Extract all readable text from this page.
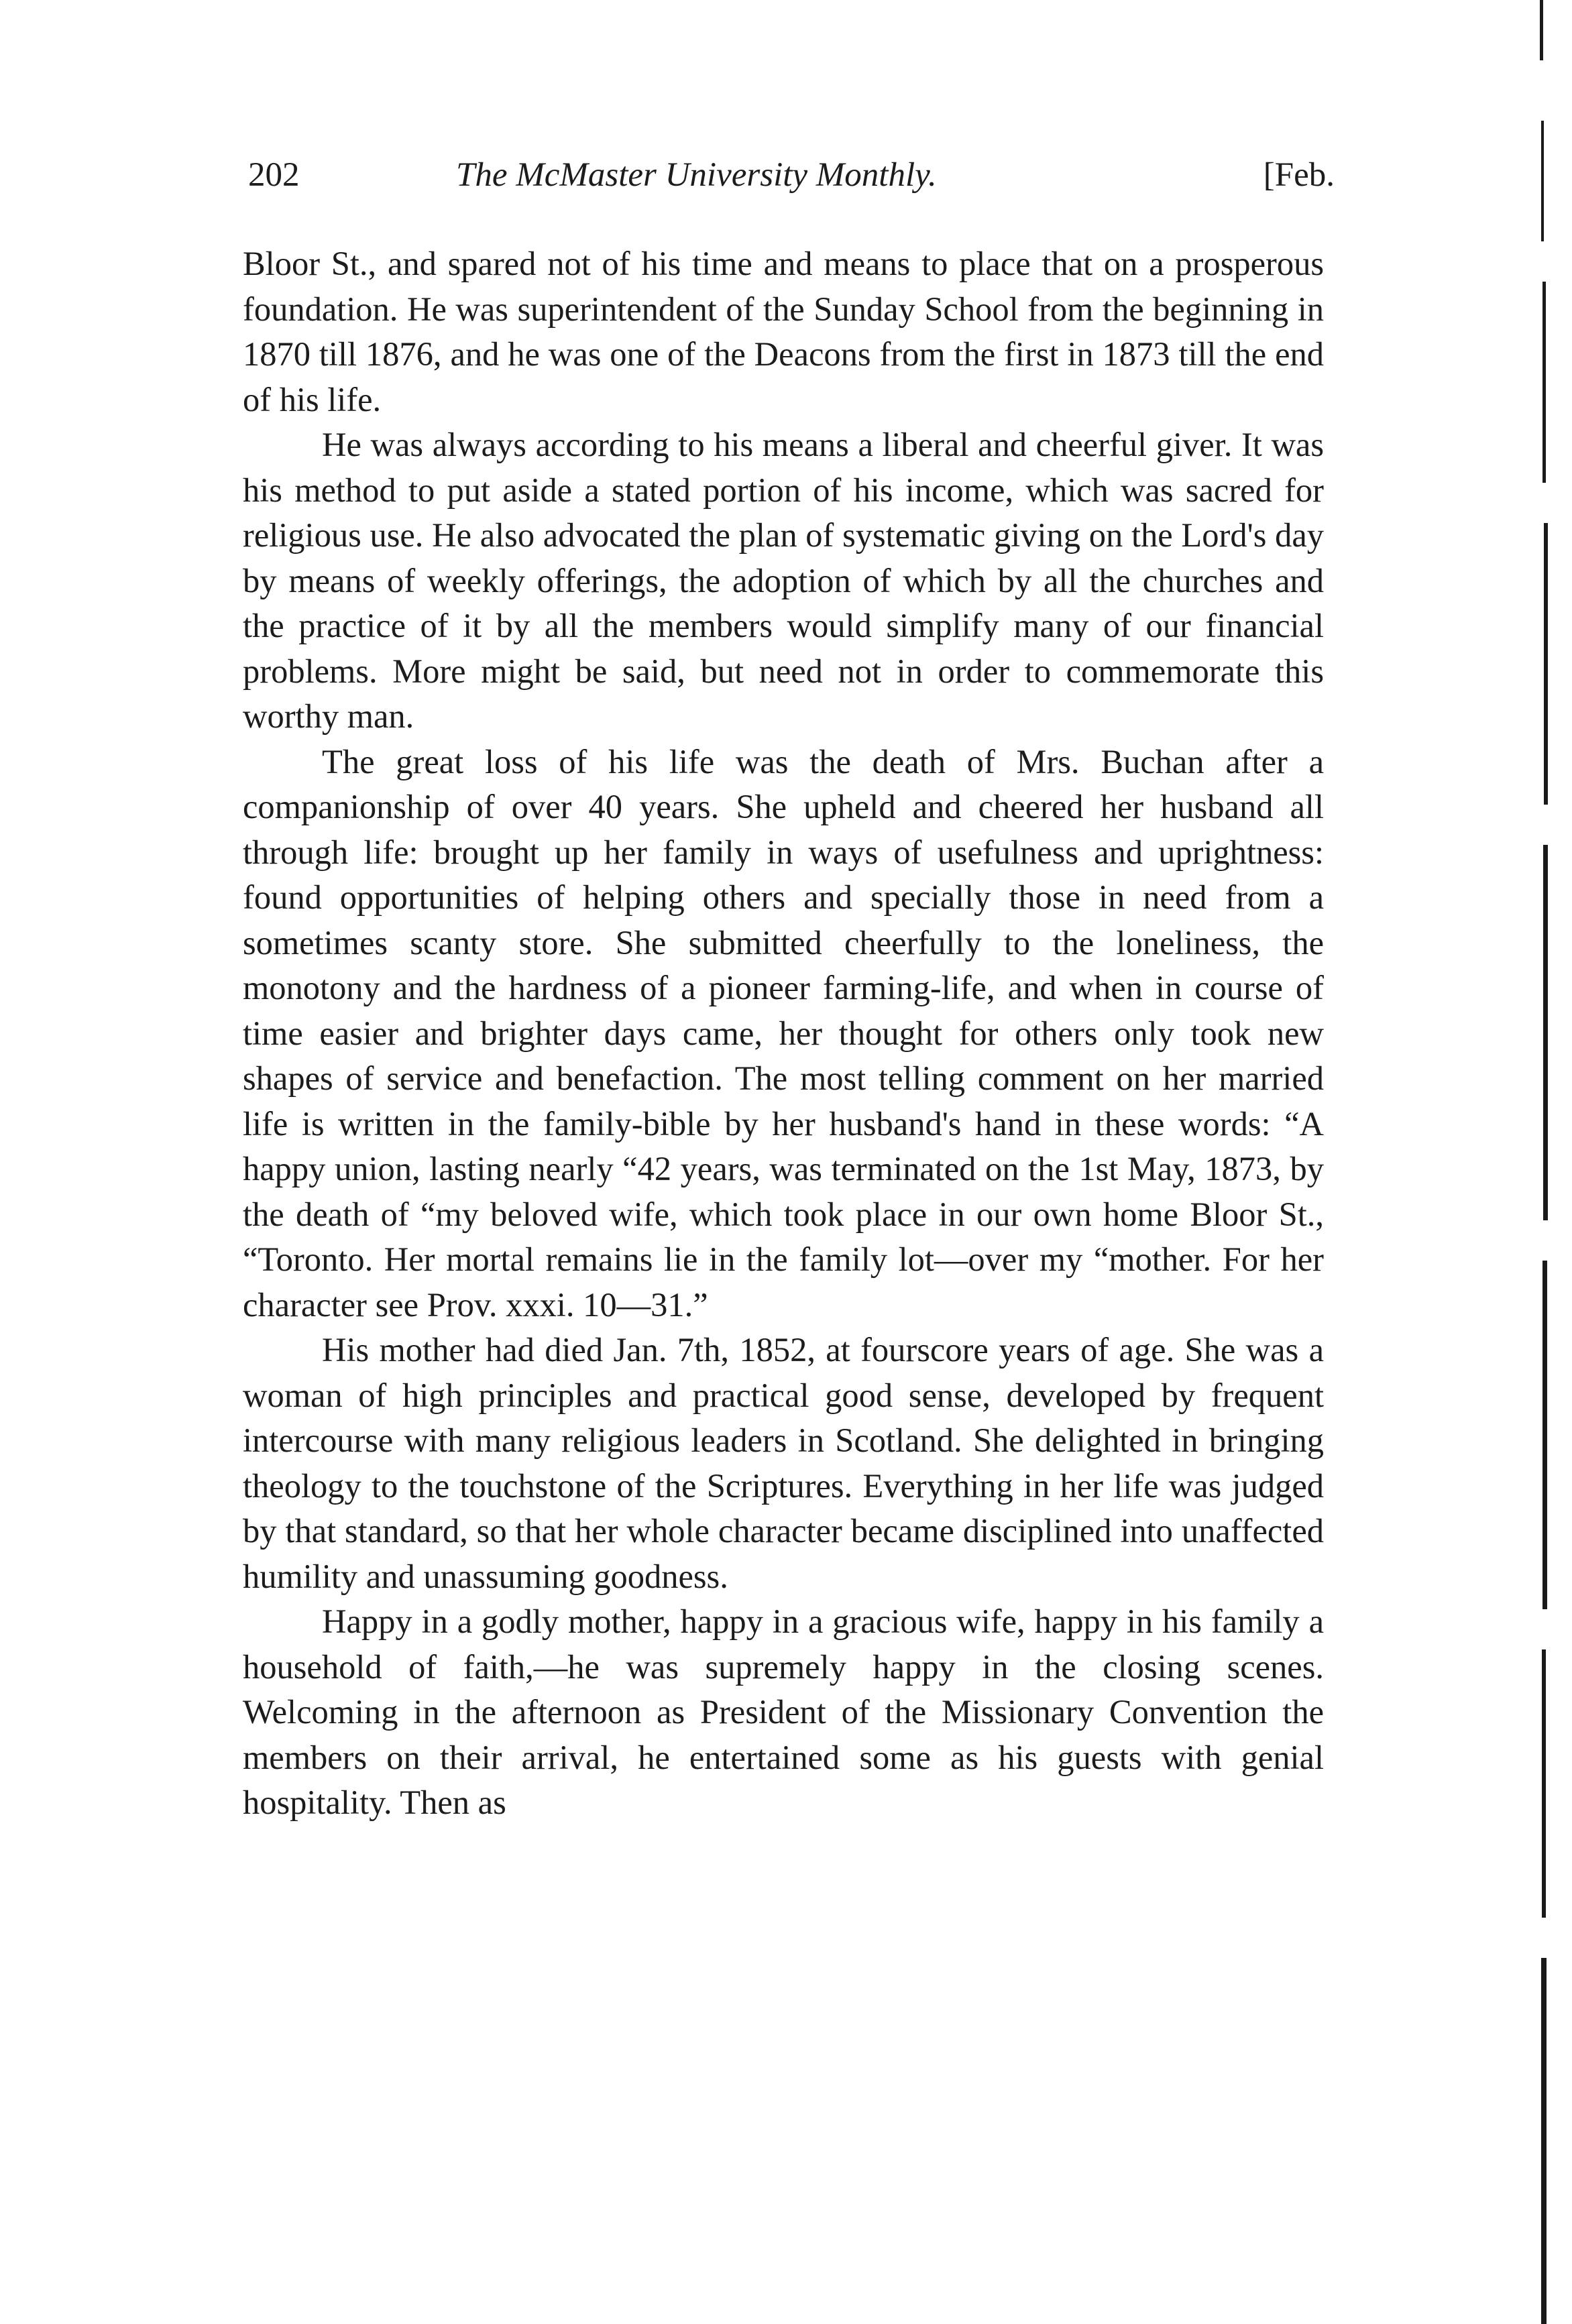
202	The McMaster University Monthly.	[Feb.

Bloor St., and spared not of his time and means to place that on a prosperous foundation. He was superintendent of the Sunday School from the beginning in 1870 till 1876, and he was one of the Deacons from the first in 1873 till the end of his life.

He was always according to his means a liberal and cheerful giver. It was his method to put aside a stated portion of his income, which was sacred for religious use. He also advocated the plan of systematic giving on the Lord's day by means of weekly offerings, the adoption of which by all the churches and the practice of it by all the members would simplify many of our financial problems. More might be said, but need not in order to commemorate this worthy man.

The great loss of his life was the death of Mrs. Buchan after a companionship of over 40 years. She upheld and cheered her husband all through life: brought up her family in ways of usefulness and uprightness: found opportunities of helping others and specially those in need from a sometimes scanty store. She submitted cheerfully to the loneliness, the monotony and the hardness of a pioneer farming-life, and when in course of time easier and brighter days came, her thought for others only took new shapes of service and benefaction. The most telling comment on her married life is written in the family-bible by her husband's hand in these words: “A happy union, lasting nearly “42 years, was terminated on the 1st May, 1873, by the death of “my beloved wife, which took place in our own home Bloor St., “Toronto. Her mortal remains lie in the family lot—over my “mother. For her character see Prov. xxxi. 10—31.”

His mother had died Jan. 7th, 1852, at fourscore years of age. She was a woman of high principles and practical good sense, developed by frequent intercourse with many religious leaders in Scotland. She delighted in bringing theology to the touchstone of the Scriptures. Everything in her life was judged by that standard, so that her whole character became disciplined into unaffected humility and unassuming goodness.

Happy in a godly mother, happy in a gracious wife, happy in his family a household of faith,—he was supremely happy in the closing scenes. Welcoming in the afternoon as President of the Missionary Convention the members on their arrival, he entertained some as his guests with genial hospitality. Then as
